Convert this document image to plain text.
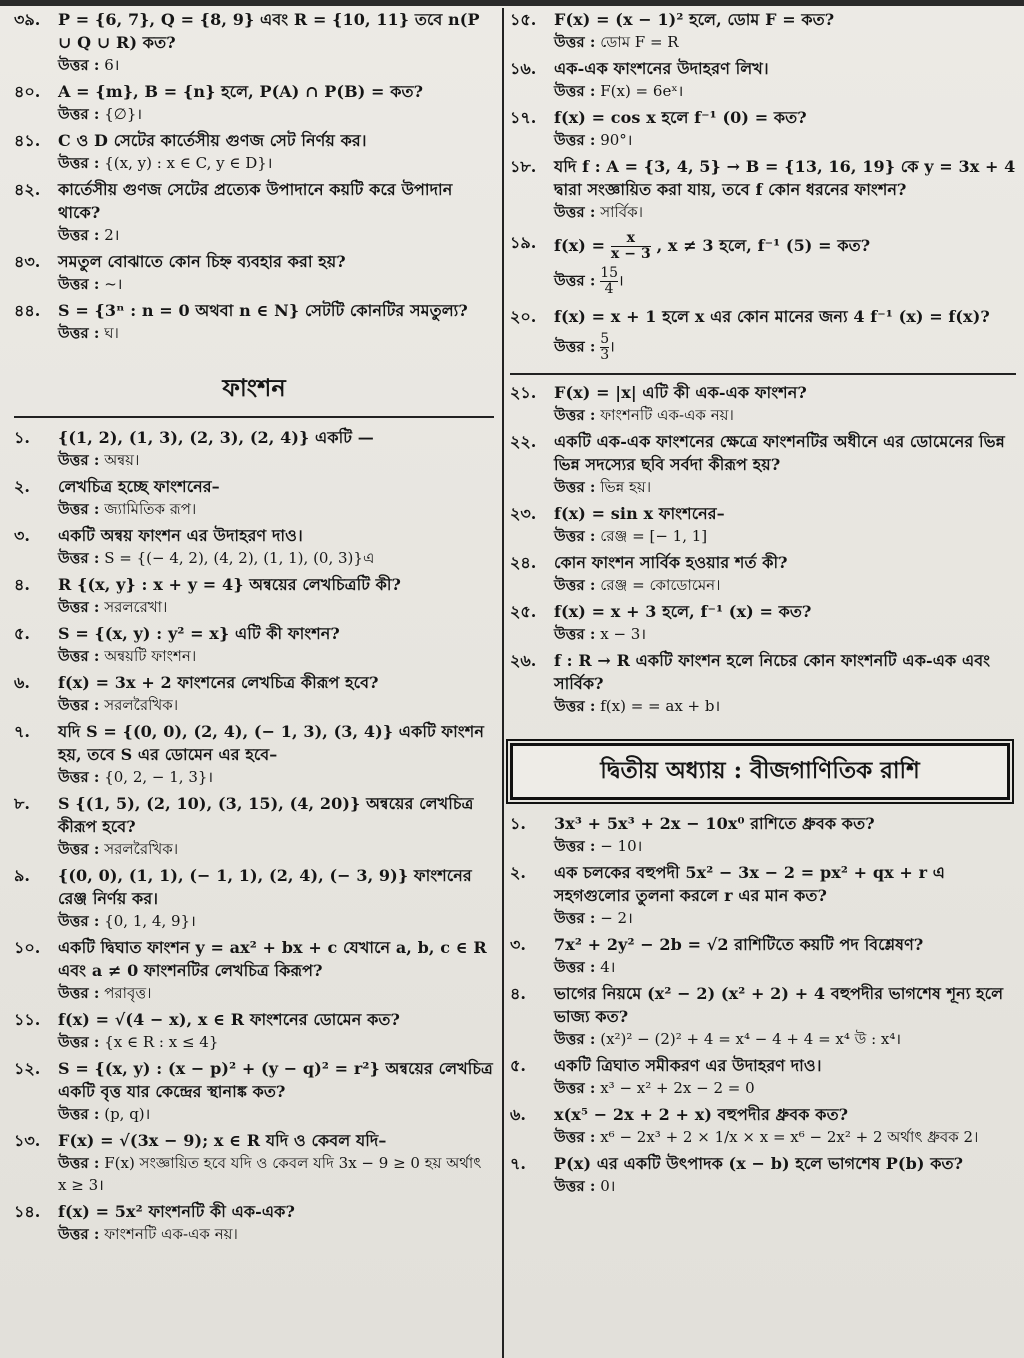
৩৯.	P = {6, 7}, Q = {8, 9} এবং R = {10, 11} তবে n(P ∪ Q ∪ R) কত?
উত্তর : 6।
৪০.	A = {m}, B = {n} হলে, P(A) ∩ P(B) = কত?
উত্তর : {∅}।
৪১.	C ও D সেটের কার্তেসীয় গুণজ সেট নির্ণয় কর।
উত্তর : {(x, y) : x ∈ C, y ∈ D}।
৪২.	কার্তেসীয় গুণজ সেটের প্রত্যেক উপাদানে কয়টি করে উপাদান থাকে?
উত্তর : 2।
৪৩.	সমতুল বোঝাতে কোন চিহ্ন ব্যবহার করা হয়?
উত্তর : ~।
৪৪.	S = {3ⁿ : n = 0 অথবা n ∈ N} সেটটি কোনটির সমতুল্য?
উত্তর : ঘ।
ফাংশন
১.	{(1, 2), (1, 3), (2, 3), (2, 4)} একটি —
উত্তর : অন্বয়।
২.	লেখচিত্র হচ্ছে ফাংশনের–
উত্তর : জ্যামিতিক রূপ।
৩.	একটি অন্বয় ফাংশন এর উদাহরণ দাও।
উত্তর : S = {(− 4, 2), (4, 2), (1, 1), (0, 3)}এ
৪.	R {(x, y} : x + y = 4} অন্বয়ের লেখচিত্রটি কী?
উত্তর : সরলরেখা।
৫.	S = {(x, y) : y² = x} এটি কী ফাংশন?
উত্তর : অন্বয়টি ফাংশন।
৬.	f(x) = 3x + 2 ফাংশনের লেখচিত্র কীরূপ হবে?
উত্তর : সরলরৈখিক।
৭.	যদি S = {(0, 0), (2, 4), (− 1, 3), (3, 4)} একটি ফাংশন হয়, তবে S এর ডোমেন এর হবে–
উত্তর : {0, 2, − 1, 3}।
৮.	S {(1, 5), (2, 10), (3, 15), (4, 20)} অন্বয়ের লেখচিত্র কীরূপ হবে?
উত্তর : সরলরৈখিক।
৯.	{(0, 0), (1, 1), (− 1, 1), (2, 4), (− 3, 9)} ফাংশনের রেঞ্জ নির্ণয় কর।
উত্তর : {0, 1, 4, 9}।
১০.	একটি দ্বিঘাত ফাংশন y = ax² + bx + c যেখানে a, b, c ∈ R এবং a ≠ 0 ফাংশনটির লেখচিত্র কিরূপ?
উত্তর : পরাবৃত্ত।
১১.	f(x) = √(4 − x), x ∈ R ফাংশনের ডোমেন কত?
উত্তর : {x ∈ R : x ≤ 4}
১২.	S = {(x, y) : (x − p)² + (y − q)² = r²} অন্বয়ের লেখচিত্র একটি বৃত্ত যার কেন্দ্রের স্থানাঙ্ক কত?
উত্তর : (p, q)।
১৩.	F(x) = √(3x − 9); x ∈ R যদি ও কেবল যদি–
উত্তর : F(x) সংজ্ঞায়িত হবে যদি ও কেবল যদি 3x − 9 ≥ 0 হয় অর্থাৎ x ≥ 3।
১৪.	f(x) = 5x² ফাংশনটি কী এক-এক?
উত্তর : ফাংশনটি এক-এক নয়।
১৫.	F(x) = (x − 1)² হলে, ডোম F = কত?
উত্তর : ডোম F = R
১৬.	এক-এক ফাংশনের উদাহরণ লিখ।
উত্তর : F(x) = 6eˣ।
১৭.	f(x) = cos x হলে f⁻¹ (0) = কত?
উত্তর : 90°।
১৮.	যদি f : A = {3, 4, 5} → B = {13, 16, 19} কে y = 3x + 4 দ্বারা সংজ্ঞায়িত করা যায়, তবে f কোন ধরনের ফাংশন?
উত্তর : সার্বিক।
১৯.	$f(x) = \frac{x}{x - 3}$ , x ≠ 3 হলে, f⁻¹ (5) = কত?
উত্তর : $\frac{15}{4}$ ।
২০.	f(x) = x + 1 হলে x এর কোন মানের জন্য 4 f⁻¹ (x) = f(x)?
উত্তর : $\frac{5}{3}$ ।
২১.	F(x) = |x| এটি কী এক-এক ফাংশন?
উত্তর : ফাংশনটি এক-এক নয়।
২২.	একটি এক-এক ফাংশনের ক্ষেত্রে ফাংশনটির অধীনে এর ডোমেনের ভিন্ন ভিন্ন সদস্যের ছবি সর্বদা কীরূপ হয়?
উত্তর : ভিন্ন হয়।
২৩.	f(x) = sin x ফাংশনের–
উত্তর : রেঞ্জ = [− 1, 1]
২৪.	কোন ফাংশন সার্বিক হওয়ার শর্ত কী?
উত্তর : রেঞ্জ = কোডোমেন।
২৫.	f(x) = x + 3 হলে, f⁻¹ (x) = কত?
উত্তর : x − 3।
২৬.	f : R → R একটি ফাংশন হলে নিচের কোন ফাংশনটি এক-এক এবং সার্বিক?
উত্তর : f(x) = = ax + b।
দ্বিতীয় অধ্যায় : বীজগাণিতিক রাশি
১.	3x³ + 5x³ + 2x − 10x⁰ রাশিতে ধ্রুবক কত?
উত্তর : − 10।
২.	এক চলকের বহুপদী 5x² − 3x − 2 = px² + qx + r এ সহগগুলোর তুলনা করলে r এর মান কত?
উত্তর : − 2।
৩.	7x² + 2y² − 2b = √2 রাশিটিতে কয়টি পদ বিশ্লেষণ?
উত্তর : 4।
৪.	ভাগের নিয়মে (x² − 2) (x² + 2) + 4 বহুপদীর ভাগশেষ শূন্য হলে ভাজ্য কত?
উত্তর : (x²)² − (2)² + 4 = x⁴ − 4 + 4 = x⁴ উ : x⁴।
৫.	একটি ত্রিঘাত সমীকরণ এর উদাহরণ দাও।
উত্তর : x³ − x² + 2x − 2 = 0
৬.	x(x⁵ − 2x + 2 + x) বহুপদীর ধ্রুবক কত?
উত্তর : x⁶ − 2x³ + 2 × 1/x × x = x⁶ − 2x² + 2 অর্থাৎ ধ্রুবক 2।
৭.	P(x) এর একটি উৎপাদক (x − b) হলে ভাগশেষ P(b) কত?
উত্তর : 0।
